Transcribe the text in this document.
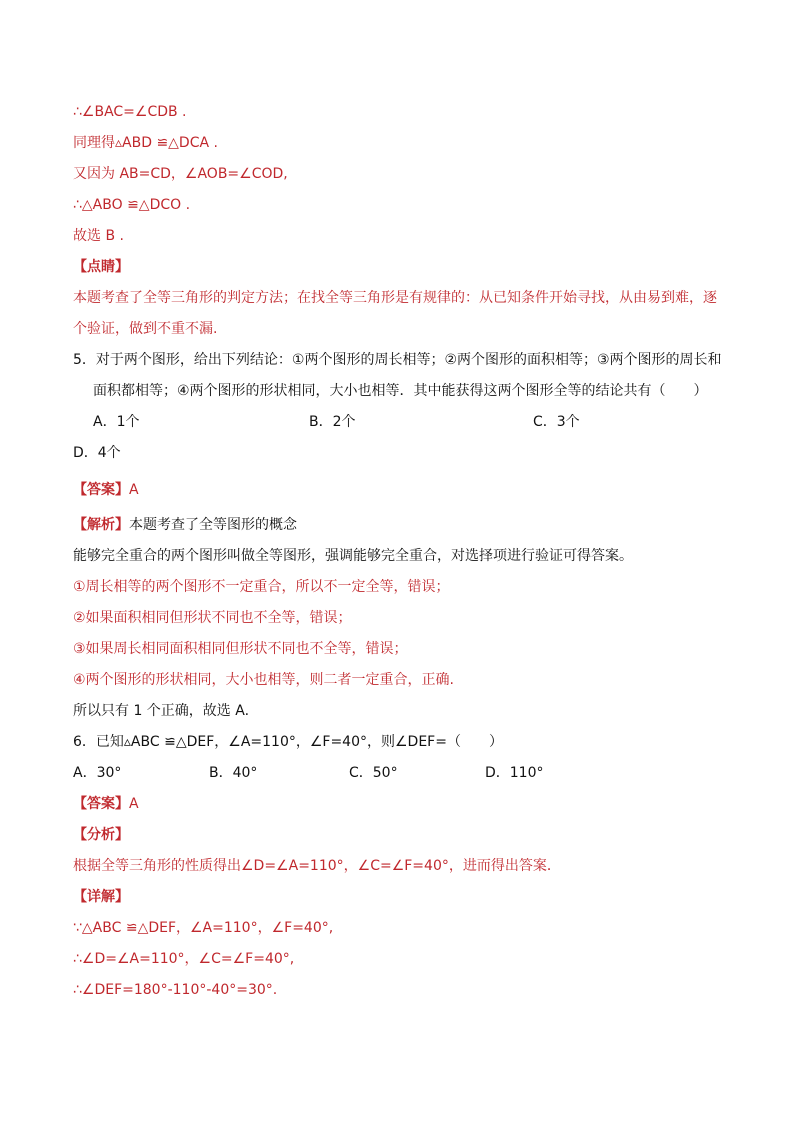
∴∠BAC=∠CDB .
同理得▵ABD ≌△DCA .
又因为 AB=CD，∠AOB=∠COD,
∴△ABO ≌△DCO .
故选 B .
【点睛】
本题考查了全等三角形的判定方法；在找全等三角形是有规律的：从已知条件开始寻找，从由易到难，逐
个验证，做到不重不漏.
5．对于两个图形，给出下列结论：①两个图形的周长相等；②两个图形的面积相等；③两个图形的周长和
面积都相等；④两个图形的形状相同，大小也相等．其中能获得这两个图形全等的结论共有（　　）
A．1个	B．2个	C．3个
D．4个
【答案】A
【解析】本题考查了全等图形的概念
能够完全重合的两个图形叫做全等图形，强调能够完全重合，对选择项进行验证可得答案。
①周长相等的两个图形不一定重合，所以不一定全等，错误；
②如果面积相同但形状不同也不全等，错误；
③如果周长相同面积相同但形状不同也不全等，错误；
④两个图形的形状相同，大小也相等，则二者一定重合，正确.
所以只有 1 个正确，故选 A.
6．已知▵ABC ≌△DEF，∠A=110°，∠F=40°，则∠DEF=（　　）
A．30°	B．40°	C．50°	D．110°
【答案】A
【分析】
根据全等三角形的性质得出∠D=∠A=110°，∠C=∠F=40°，进而得出答案．
【详解】
∵△ABC ≌△DEF，∠A=110°，∠F=40°,
∴∠D=∠A=110°，∠C=∠F=40°,
∴∠DEF=180°-110°-40°=30°.
